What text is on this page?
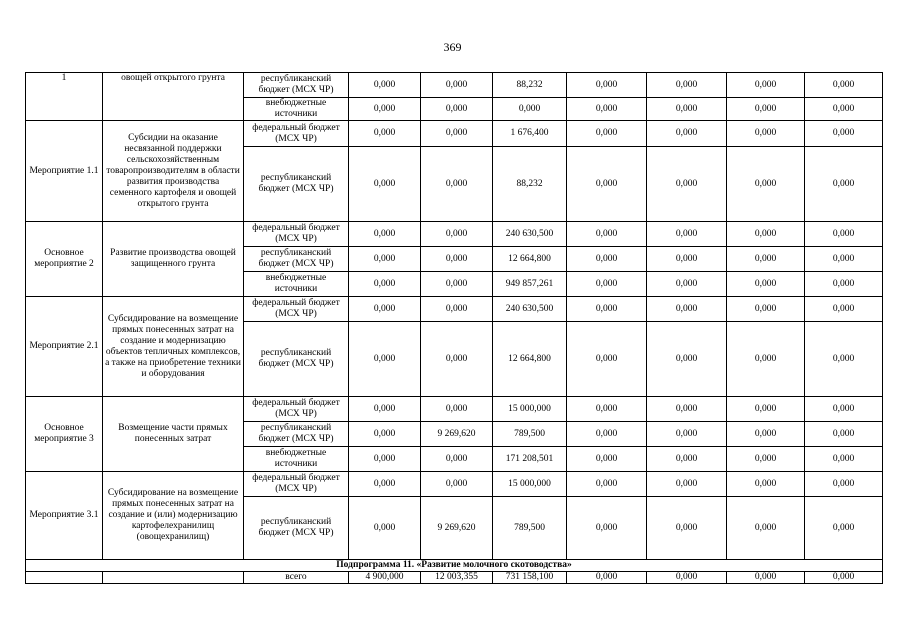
369
1	овощей открытого грунта	республиканский бюджет (МСХ ЧР)	0,000	0,000	88,232	0,000	0,000	0,000	0,000
		внебюджетные источники	0,000	0,000	0,000	0,000	0,000	0,000	0,000
Мероприятие 1.1	Субсидии на оказание несвязанной поддержки сельскохозяйственным товаропроизводителям в области развития производства семенного картофеля и овощей открытого грунта	федеральный бюджет (МСХ ЧР)	0,000	0,000	1 676,400	0,000	0,000	0,000	0,000
		республиканский бюджет (МСХ ЧР)	0,000	0,000	88,232	0,000	0,000	0,000	0,000
Основное мероприятие 2	Развитие производства овощей защищенного грунта	федеральный бюджет (МСХ ЧР)	0,000	0,000	240 630,500	0,000	0,000	0,000	0,000
		республиканский бюджет (МСХ ЧР)	0,000	0,000	12 664,800	0,000	0,000	0,000	0,000
		внебюджетные источники	0,000	0,000	949 857,261	0,000	0,000	0,000	0,000
Мероприятие 2.1	Субсидирование на возмещение прямых понесенных затрат на создание и модернизацию объектов тепличных комплексов, а также на приобретение техники и оборудования	федеральный бюджет (МСХ ЧР)	0,000	0,000	240 630,500	0,000	0,000	0,000	0,000
		республиканский бюджет (МСХ ЧР)	0,000	0,000	12 664,800	0,000	0,000	0,000	0,000
Основное мероприятие 3	Возмещение части прямых понесенных затрат	федеральный бюджет (МСХ ЧР)	0,000	0,000	15 000,000	0,000	0,000	0,000	0,000
		республиканский бюджет (МСХ ЧР)	0,000	9 269,620	789,500	0,000	0,000	0,000	0,000
		внебюджетные источники	0,000	0,000	171 208,501	0,000	0,000	0,000	0,000
Мероприятие 3.1	Субсидирование на возмещение прямых понесенных затрат на создание и (или) модернизацию картофелехранилищ (овощехранилищ)	федеральный бюджет (МСХ ЧР)	0,000	0,000	15 000,000	0,000	0,000	0,000	0,000
		республиканский бюджет (МСХ ЧР)	0,000	9 269,620	789,500	0,000	0,000	0,000	0,000
Подпрограмма 11. «Развитие молочного скотоводства»									
		всего	4 900,000	12 003,355	731 158,100	0,000	0,000	0,000	0,000
